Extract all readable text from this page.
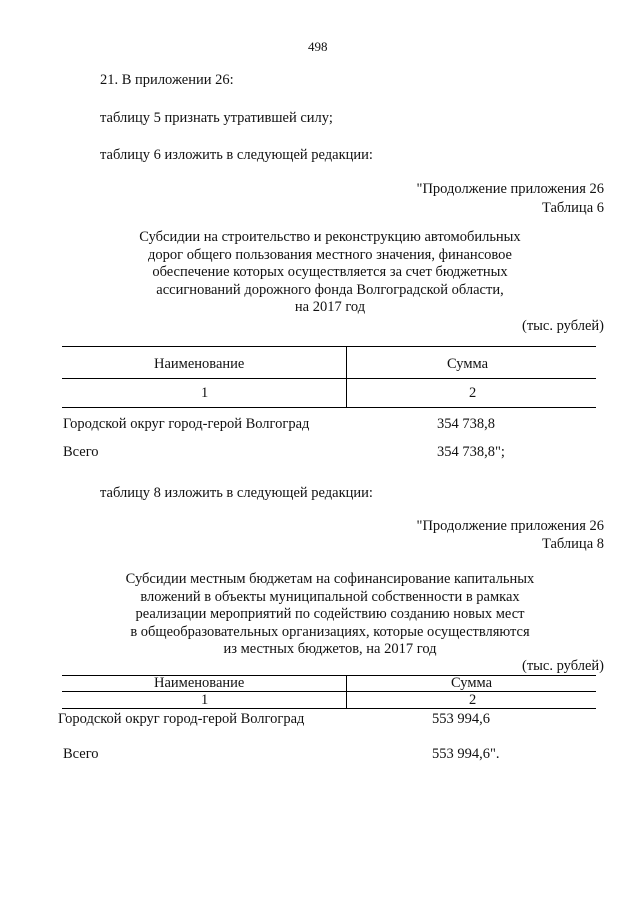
498
21. В приложении 26:
таблицу 5 признать утратившей силу;
таблицу 6 изложить в следующей редакции:
"Продолжение приложения 26
Таблица 6
Субсидии на строительство и реконструкцию автомобильных
дорог общего пользования местного значения, финансовое
обеспечение которых осуществляется за счет бюджетных
ассигнований дорожного фонда Волгоградской области,
на 2017 год
(тыс. рублей)
Наименование	Сумма
1	2
Городской округ город-герой Волгоград	354 738,8
Всего	354 738,8";
таблицу 8 изложить в следующей редакции:
"Продолжение приложения 26
Таблица 8
Субсидии местным бюджетам на софинансирование капитальных
вложений в объекты муниципальной собственности в рамках
реализации мероприятий по содействию созданию новых мест
в общеобразовательных организациях, которые осуществляются
из местных бюджетов, на 2017 год
(тыс. рублей)
Наименование	Сумма
1	2
Городской округ город-герой Волгоград	553 994,6
Всего	553 994,6".
